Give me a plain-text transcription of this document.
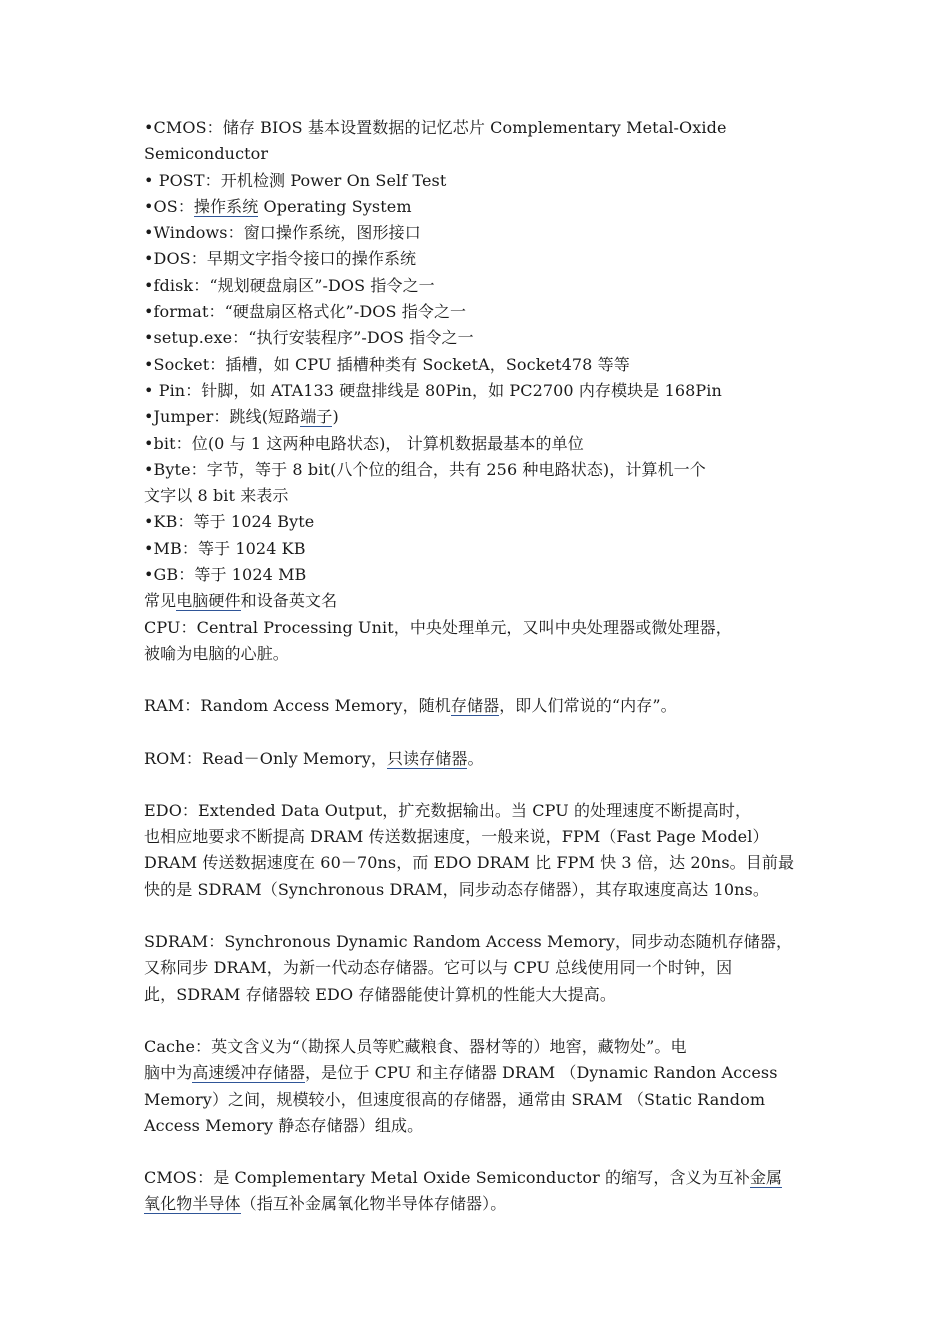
•CMOS：储存 BIOS 基本设置数据的记忆芯片 Complementary Metal-Oxide
Semiconductor
• POST：开机检测 Power On Self Test
•OS：操作系统 Operating System
•Windows：窗口操作系统，图形接口
•DOS：早期文字指令接口的操作系统
•fdisk：“规划硬盘扇区”-DOS 指令之一
•format：“硬盘扇区格式化”-DOS 指令之一
•setup.exe：“执行安装程序”-DOS 指令之一
•Socket：插槽，如 CPU 插槽种类有 SocketA，Socket478 等等
• Pin：针脚，如 ATA133 硬盘排线是 80Pin，如 PC2700 内存模块是 168Pin
•Jumper：跳线(短路端子)
•bit：位(0 与 1 这两种电路状态)， 计算机数据最基本的单位
•Byte：字节，等于 8 bit(八个位的组合，共有 256 种电路状态)，计算机一个
文字以 8 bit 来表示
•KB：等于 1024 Byte
•MB：等于 1024 KB
•GB：等于 1024 MB
常见电脑硬件和设备英文名
CPU：Central Processing Unit，中央处理单元，又叫中央处理器或微处理器，
被喻为电脑的心脏。
RAM：Random Access Memory，随机存储器，即人们常说的“内存”。
ROM：Read－Only Memory，只读存储器。
EDO：Extended Data Output，扩充数据输出。当 CPU 的处理速度不断提高时，
也相应地要求不断提高 DRAM 传送数据速度，一般来说，FPM（Fast Page Model）
DRAM 传送数据速度在 60－70ns，而 EDO DRAM 比 FPM 快 3 倍，达 20ns。目前最
快的是 SDRAM（Synchronous DRAM，同步动态存储器），其存取速度高达 10ns。
SDRAM：Synchronous Dynamic Random Access Memory，同步动态随机存储器，
又称同步 DRAM，为新一代动态存储器。它可以与 CPU 总线使用同一个时钟，因
此，SDRAM 存储器较 EDO 存储器能使计算机的性能大大提高。
Cache：英文含义为“（勘探人员等贮藏粮食、器材等的）地窖，藏物处”。电
脑中为高速缓冲存储器，是位于 CPU 和主存储器 DRAM （Dynamic Randon Access
Memory）之间，规模较小，但速度很高的存储器，通常由 SRAM （Static Random
Access Memory 静态存储器）组成。
CMOS：是 Complementary Metal Oxide Semiconductor 的缩写，含义为互补金属
氧化物半导体（指互补金属氧化物半导体存储器）。
